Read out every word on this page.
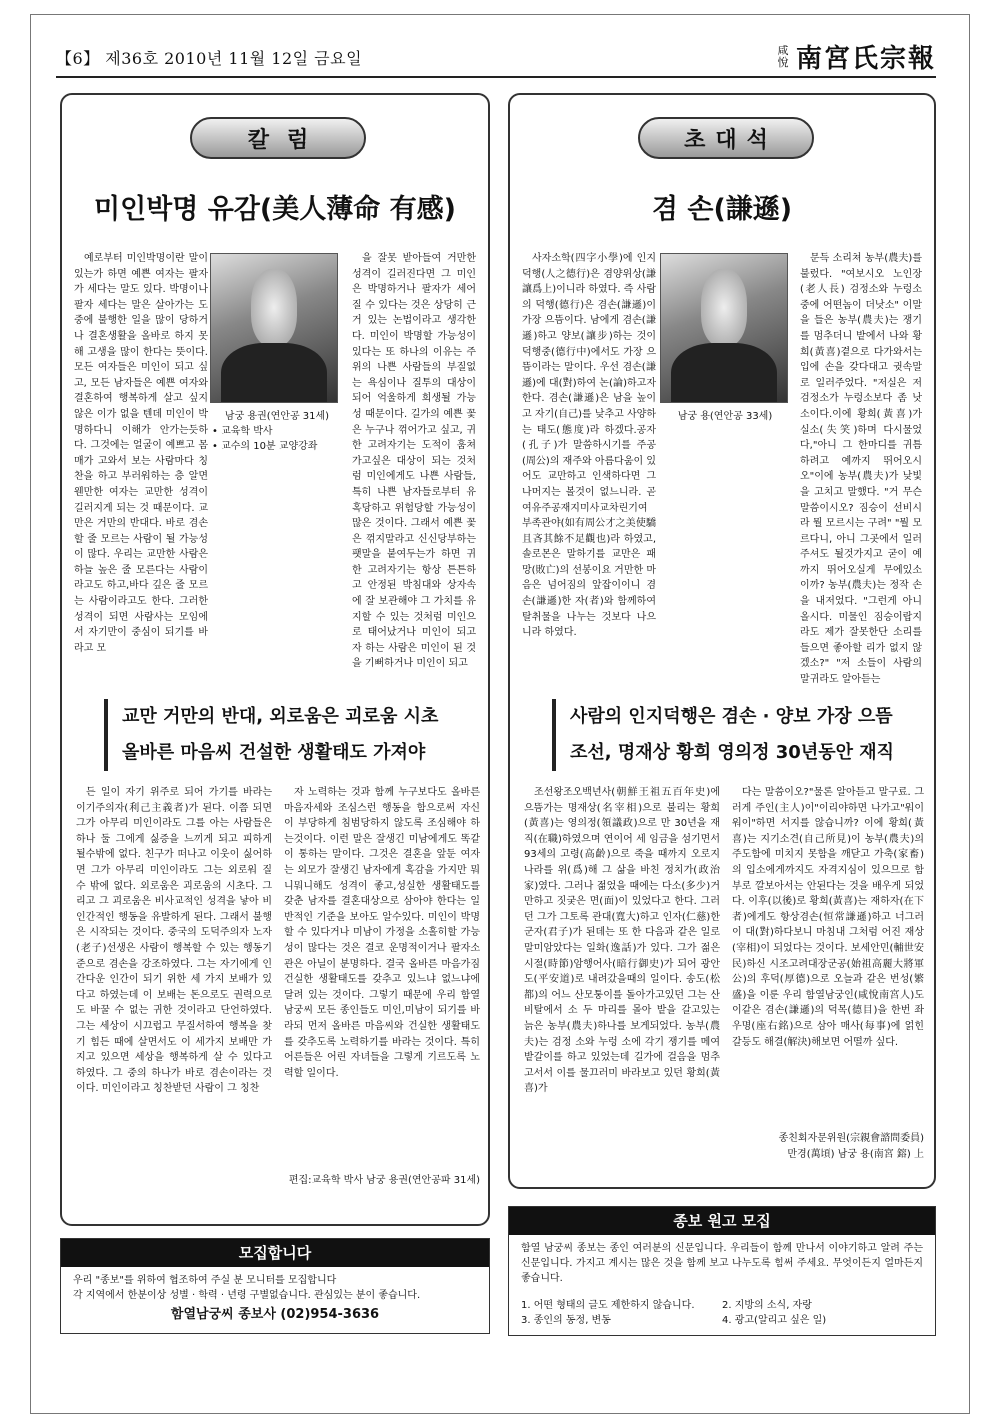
【6】 제36호 2010년 11월 12일 금요일	咸
悅 南宮氏宗報
칼럼
미인박명 유감(美人薄命 有感)
남궁 용권(연안공 31세)
• 교육학 박사
• 교수의 10분 교양강좌
교만 거만의 반대, 외로움은 괴로움 시초
올바른 마음씨 건설한 생활태도 가져야

든 일이 자기 위주로 되어 가기를 바라는 이기주의자(利己主義者)가 된다. 이쯤 되면 그가 아무리 미인이라도 그를 아는 사람들은 하나 둘 그에게 싫증을 느끼게 되고 피하게 될수밖에 없다. 친구가 떠나고 이웃이 싫어하면 그가 아무리 미인이라도 그는 외로워 질 수 밖에 없다. 외로움은 괴로움의 시초다. 그리고 그 괴로움은 비사교적인 성격을 낳아 비인간적인 행동을 유발하게 된다. 그래서 불행은 시작되는 것이다. 중국의 도덕주의자 노자(老子)선생은 사람이 행복할 수 있는 행동기준으로 겸손을 강조하였다. 그는 자기에게 인간다운 인간이 되기 위한 세 가지 보배가 있다고 하였는데 이 보배는 돈으로도 권력으로도 바꿀 수 없는 귀한 것이라고 단언하였다. 그는 세상이 시끄럽고 무질서하여 행복을 찾기 힘든 때에 살면서도 이 세가지 보배만 가지고 있으면 세상을 행복하게 살 수 있다고 하였다. 그 중의 하나가 바로 겸손이라는 것이다. 미인이라고 칭찬받던 사람이 그 칭찬

자 노력하는 것과 함께 누구보다도 올바른 마음자세와 조심스런 행동을 함으로써 자신이 부당하게 침범당하지 않도록 조심해야 하는것이다. 이런 말은 잘생긴 미남에게도 똑같이 통하는 말이다. 그것은 결혼을 앞둔 여자는 외모가 잘생긴 남자에게 혹감을 가지만 뭐니뭐니해도 성격이 좋고,성실한 생활태도를 갖춘 남자를 결혼대상으로 삼아야 한다는 일반적인 기준을 보아도 알수있다. 미인이 박명할 수 있다거나 미남이 가정을 소홀히할 가능성이 많다는 것은 결코 운명적이거나 팔자소관은 아닐이 분명하다. 결국 올바른 마음가짐 건실한 생활태도를 갖추고 있느냐 없느냐에 달려 있는 것이다. 그렇기 때문에 우리 함열남궁씨 모든 종인들도 미인,미남이 되기를 바라되 먼저 올바른 마음씨와 건실한 생활태도를 갖추도록 노력하기를 바라는 것이다. 특히 어른들은 어린 자녀들을 그렇게 기르도록 노력할 일이다.

편집:교육학 박사 남궁 용권(연안공파 31세)
초대석
겸 손(謙遜)
남궁 용(연안공 33세)
사람의 인지덕행은 겸손 · 양보 가장 으뜸
조선, 명재상 황희 영의정 30년동안 재직

조선왕조오백년사(朝鮮王祖五百年史)에 으뜸가는 명재상(名宰相)으로 불리는 황희(黃喜)는 영의정(領議政)으로 만 30년을 재직(在職)하였으며 연이어 세 임금을 섬기면서 93세의 고령(高齡)으로 죽을 때까지 오로지 나라를 위(爲)해 그 삶을 바친 정치가(政治家)였다. 그러나 젊었을 때에는 다소(多少)거만하고 짓궂은 면(面)이 있었다고 한다. 그러던 그가 그토록 관대(寬大)하고 인자(仁慈)한 군자(君子)가 된데는 또 한 다음과 같은 일로 말미암았다는 일화(逸話)가 있다. 그가 젊은 시절(時節)암행어사(暗行御史)가 되어 광안도(平安道)로 내려갔을때의 일이다. 송도(松都)의 어느 산모퉁이를 돌아가고있던 그는 산비탈에서 소 두 마리를 몰아 밭을 갈고있는 늙은 농부(農夫)하나를 보게되었다. 농부(農夫)는 검정 소와 누렁 소에 각기 쟁기를 메여 밭갈이를 하고 있었는데 길가에 걸음을 멈추고서서 이를 물끄러미 바라보고 있던 황희(黃喜)가

다는 말씀이오?"물론 알아듣고 말구료. 그러게 주인(主人)이"이리야하면 나가고"워이워이"하면 서지를 않습니까? 이에 황희(黃喜)는 지기소견(自己所見)이 농부(農夫)의 주도함에 미치지 못함을 깨닫고 가축(家畜)의 입소에게까지도 자격지심이 있으므로 함부로 깔보아서는 안된다는 것을 배우게 되었다. 이후(以後)로 황희(黃喜)는 재하자(在下者)에게도 항상겸손(恒常謙遜)하고 너그러이 대(對)하다보니 마침내 그처럼 어진 재상(宰相)이 되었다는 것이다. 보세안민(輔世安民)하신 시조고려대장군공(始祖高麗大將軍公)의 후덕(厚德)으로 오늘과 같은 번성(繁盛)을 이룬 우리 함열남궁인(咸悅南宮人)도 이같은 겸손(謙遜)의 덕목(德目)을 한번 좌우명(座右銘)으로 삼아 매사(每事)에 얽힌 갈등도 해결(解決)해보면 어떨까 싶다.

종친회자문위원(宗親會諮問委員)
만경(萬頃) 남궁 용(南宮 鎔) 上

예로부터 미인박명이란 말이 있는가 하면 예쁜 여자는 팔자가 세다는 말도 있다. 박명이나 팔자 세다는 말은 살아가는 도중에 불행한 일을 많이 당하거나 결혼생활을 올바로 하지 못해 고생을 많이 한다는 뜻이다. 모든 여자들은 미인이 되고 싶고, 모든 남자들은 예쁜 여자와 결혼하여 행복하게 살고 싶지 않은 이가 없을 텐데 미인이 박명하다니 이해가 안가는듯하다. 그것에는 얼굴이 예쁘고 몸매가 고와서 보는 사람마다 칭찬을 하고 부러워하는 층 알면 웬만한 여자는 교만한 성격이 길러지게 되는 것 때문이다. 교만은 거만의 반대다. 바로 겸손할 줄 모르는 사람이 될 가능성이 많다. 우리는 교만한 사람은 하늘 높은 줄 모른다는 사람이라고도 하고,바다 깊은 줄 모르는 사람이라고도 한다. 그러한 성격이 되면 사람사는 모임에서 자기만이 중심이 되기를 바라고 모

을 잘못 받아들여 거만한 성격이 길러진다면 그 미인은 박명하거나 팔자가 세어질 수 있다는 것은 상당히 근거 있는 논법이라고 생각한다. 미인이 박명할 가능성이 있다는 또 하나의 이유는 주위의 나쁜 사람들의 부질없는 욕심이나 질투의 대상이 되어 억울하게 희생될 가능성 때문이다. 길가의 예쁜 꽃은 누구나 꺾어가고 싶고, 귀한 고려자기는 도적이 훔쳐가고싶은 대상이 되는 것처럼 미인에게도 나쁜 사람들, 특히 나쁜 남자들로부터 유혹당하고 위험당할 가능성이 많은 것이다. 그래서 예쁜 꽃은 꺾지말라고 신신당부하는 팻말을 붙여두는가 하면 귀한 고려자기는 항상 튼튼하고 안정된 박침대와 상자속에 잘 보관해야 그 가치를 유지할 수 있는 것처럼 미인으로 태어났거나 미인이 되고자 하는 사람은 미인이 된 것을 기뻐하거나 미인이 되고

사자소학(四字小學)에 인지덕행(人之德行)은 겸양위상(謙讓爲上)이니라 하였다. 즉 사람의 덕행(德行)은 겸손(謙遜)이 가장 으뜸이다. 남에게 겸손(謙遜)하고 양보(讓步)하는 것이 덕행중(德行中)에서도 가장 으뜸이라는 말이다. 우선 겸손(謙遜)에 대(對)하여 논(論)하고자 한다. 겸손(謙遜)은 남을 높이고 자기(自己)를 낮추고 사양하는 태도(態度)라 하겠다.공자(孔子)가 말씀하시기를 주공(周公)의 재주와 아름다움이 있어도 교만하고 인색하다면 그 나머지는 볼것이 없느니라. 곧 여유주공재지미사교차린기여부족관야(如有周公才之美使驕且吝其餘不足觀也)라 하였고, 솔로몬은 말하기를 교만은 패망(敗亡)의 선봉이요 거만한 마음은 넘어짐의 앞잡이이니 겸손(謙遜)한 자(者)와 함께하여 탈취물을 나누는 것보다 나으니라 하였다.

문득 소리쳐 농부(農夫)를 불렀다. "여보시오 노인장(老人長) 검정소와 누렁소 중에 어떤놈이 더낫소" 이말을 들은 농부(農夫)는 쟁기를 멈추더니 밭에서 나와 황희(黃喜)곁으로 다가와서는 입에 손을 갖다대고 귓속말로 일러주었다. "저실은 저 검정소가 누렁소보다 좀 낫소이다.이에 황희(黃喜)가 실소(失笑)하며 다시물었다,"아니 그 한마디를 귀틈하려고 예까지 뛰어오시오"이에 농부(農夫)가 낮빛을 고치고 말했다. "거 무슨 말씀이시오? 짐승이 선비시라 뭘 모르시는 구려" "뭘 모르다니, 아니 그곳에서 일러주셔도 될것가지고 굳이 예까지 뛰어오실게 무에있소이까? 농부(農夫)는 정작 손을 내저었다. "그런게 아니 올시다. 미물인 짐승이랍지라도 제가 잘못한단 소리를 들으면 좋아할 리가 없지 않겠소?" "저 소들이 사람의 말귀라도 알아듣는

모집합니다
우리 "종보"를 위하여 협조하여 주실 분 모니터를 모집합니다
각 지역에서 한분이상 성별 · 학력 · 년령 구별없습니다. 관심있는 분이 좋습니다.
함열남궁씨 종보사 (02)954-3636
종보 원고 모집
함열 남궁씨 종보는 종인 여러분의 신문입니다. 우리들이 함께 만나서 이야기하고 알려 주는 신문입니다. 가지고 계시는 많은 것을 함께 보고 나누도록 힘써 주세요. 무엇이든지 얼마든지 좋습니다.
1. 어떤 형태의 글도 제한하지 않습니다.	2. 지방의 소식, 자랑
3. 종인의 동정, 변동	4. 광고(알리고 싶은 일)
